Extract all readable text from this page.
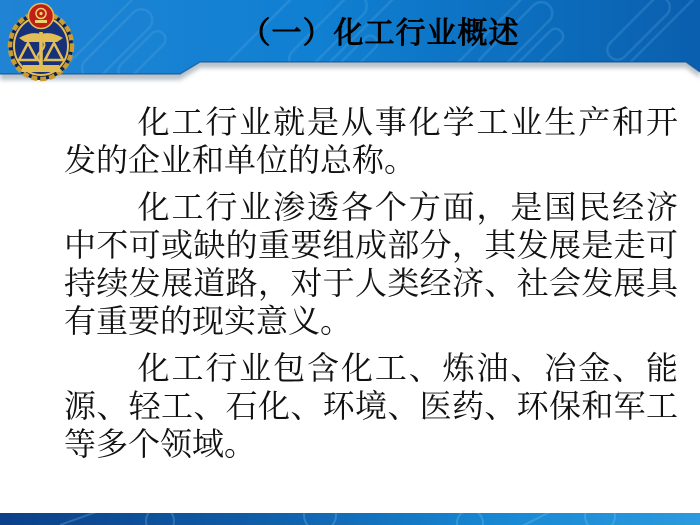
（一）化工行业概述

化工行业就是从事化学工业生产和开发的企业和单位的总称。

化工行业渗透各个方面，是国民经济中不可或缺的重要组成部分，其发展是走可持续发展道路，对于人类经济、社会发展具有重要的现实意义。

化工行业包含化工、炼油、冶金、能源、轻工、石化、环境、医药、环保和军工等多个领域。
